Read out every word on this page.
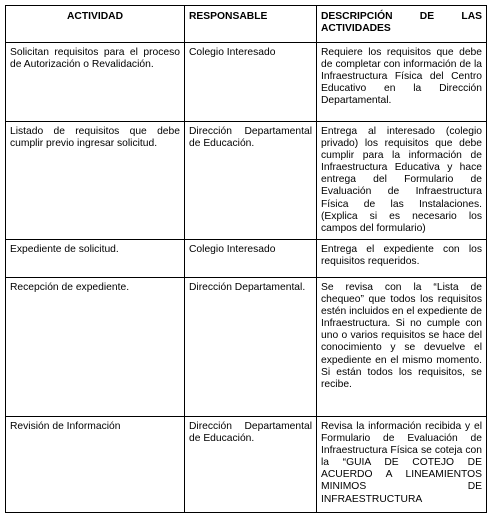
ACTIVIDAD	RESPONSABLE	DESCRIPCIÓN DE LAS ACTIVIDADES
Solicitan requisitos para el proceso de Autorización o Revalidación.	Colegio Interesado	Requiere los requisitos que debe de completar con información de la Infraestructura Física del Centro Educativo en la Dirección Departamental.
Listado de requisitos que debe cumplir previo ingresar solicitud.	Dirección Departamental de Educación.	Entrega al interesado (colegio privado) los requisitos que debe cumplir para la información de Infraestructura Educativa y hace entrega del Formulario de Evaluación de Infraestructura Física de las Instalaciones. (Explica si es necesario los campos del formulario)
Expediente de solicitud.	Colegio Interesado	Entrega el expediente con los requisitos requeridos.
Recepción de expediente.	Dirección Departamental.	Se revisa con la “Lista de chequeo” que todos los requisitos estén incluidos en el expediente de Infraestructura. Si no cumple con uno o varios requisitos se hace del conocimiento y se devuelve el expediente en el mismo momento. Si están todos los requisitos, se recibe.
Revisión de Información	Dirección Departamental de Educación.	Revisa la información recibida y el Formulario de Evaluación de Infraestructura Física se coteja con la “GUIA DE COTEJO DE ACUERDO A LINEAMIENTOS MINIMOS DE INFRAESTRUCTURA
